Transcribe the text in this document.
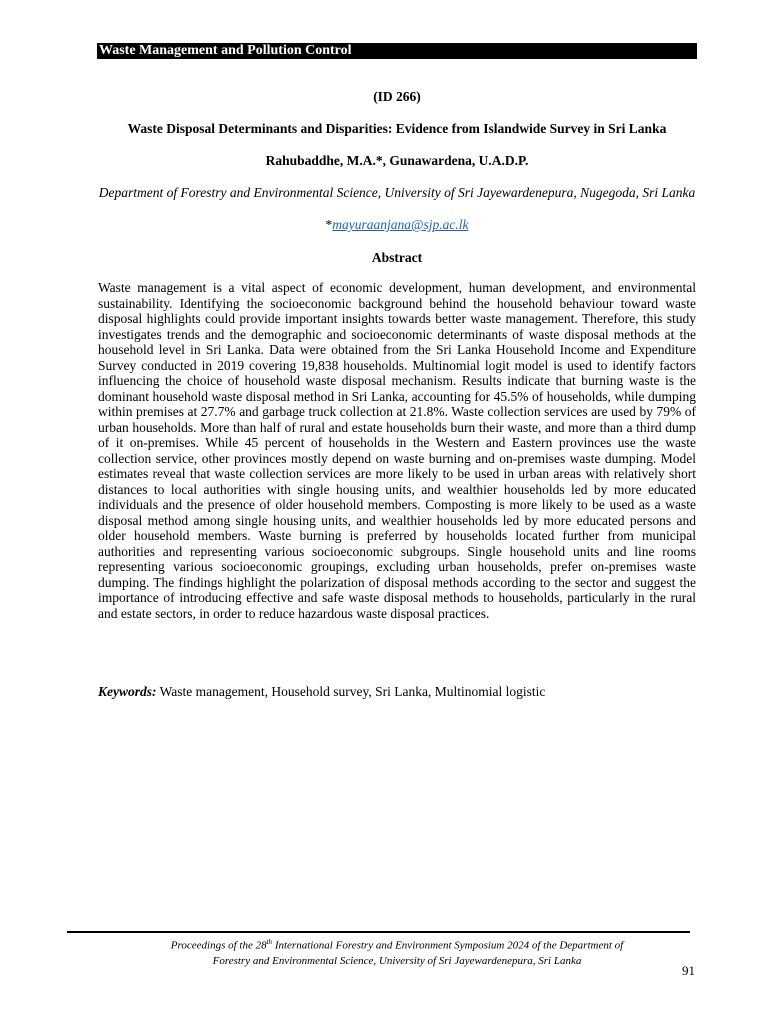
Waste Management and Pollution Control
(ID 266)
Waste Disposal Determinants and Disparities: Evidence from Islandwide Survey in Sri Lanka
Rahubaddhe, M.A.*, Gunawardena, U.A.D.P.
Department of Forestry and Environmental Science, University of Sri Jayewardenepura, Nugegoda, Sri Lanka
*mayuraanjana@sjp.ac.lk
Abstract

Waste management is a vital aspect of economic development, human development, and environmental sustainability. Identifying the socioeconomic background behind the household behaviour toward waste disposal highlights could provide important insights towards better waste management. Therefore, this study investigates trends and the demographic and socioeconomic determinants of waste disposal methods at the household level in Sri Lanka. Data were obtained from the Sri Lanka Household Income and Expenditure Survey conducted in 2019 covering 19,838 households. Multinomial logit model is used to identify factors influencing the choice of household waste disposal mechanism. Results indicate that burning waste is the dominant household waste disposal method in Sri Lanka, accounting for 45.5% of households, while dumping within premises at 27.7% and garbage truck collection at 21.8%. Waste collection services are used by 79% of urban households. More than half of rural and estate households burn their waste, and more than a third dump of it on-premises. While 45 percent of households in the Western and Eastern provinces use the waste collection service, other provinces mostly depend on waste burning and on-premises waste dumping. Model estimates reveal that waste collection services are more likely to be used in urban areas with relatively short distances to local authorities with single housing units, and wealthier households led by more educated individuals and the presence of older household members. Composting is more likely to be used as a waste disposal method among single housing units, and wealthier households led by more educated persons and older household members. Waste burning is preferred by households located further from municipal authorities and representing various socioeconomic subgroups. Single household units and line rooms representing various socioeconomic groupings, excluding urban households, prefer on-premises waste dumping. The findings highlight the polarization of disposal methods according to the sector and suggest the importance of introducing effective and safe waste disposal methods to households, particularly in the rural and estate sectors, in order to reduce hazardous waste disposal practices.

Keywords: Waste management, Household survey, Sri Lanka, Multinomial logistic
Proceedings of the 28th International Forestry and Environment Symposium 2024 of the Department of
Forestry and Environmental Science, University of Sri Jayewardenepura, Sri Lanka
91
